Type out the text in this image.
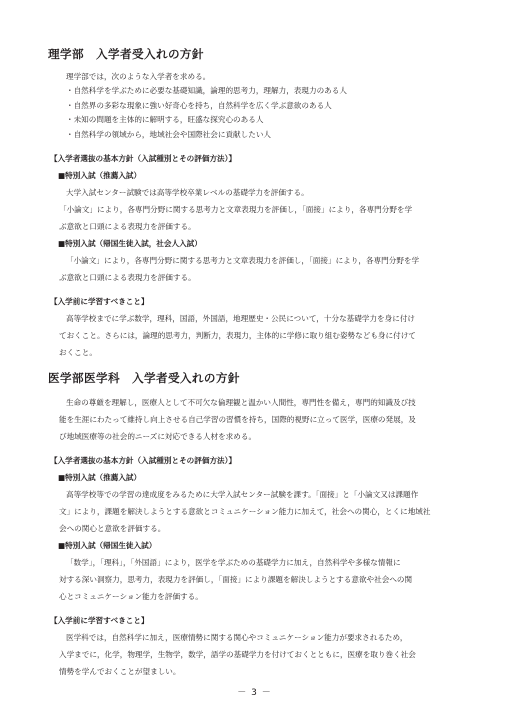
理学部　入学者受入れの方針

理学部では，次のような入学者を求める。

・自然科学を学ぶために必要な基礎知識，論理的思考力，理解力，表現力のある人
・自然界の多彩な現象に強い好奇心を持ち，自然科学を広く学ぶ意欲のある人
・未知の問題を主体的に解明する，旺盛な探究心のある人
・自然科学の領域から，地域社会や国際社会に貢献したい人

【入学者選抜の基本方針（入試種別とその評価方法）】

■特別入試（推薦入試）

大学入試センター試験では高等学校卒業レベルの基礎学力を評価する。

「小論文」により，各専門分野に関する思考力と文章表現力を評価し，「面接」により，各専門分野を学

ぶ意欲と口頭による表現力を評価する。

■特別入試（帰国生徒入試，社会人入試）

「小論文」により，各専門分野に関する思考力と文章表現力を評価し，「面接」により，各専門分野を学

ぶ意欲と口頭による表現力を評価する。

【入学前に学習すべきこと】

高等学校までに学ぶ数学，理科，国語，外国語，地理歴史・公民について，十分な基礎学力を身に付け

ておくこと。さらには，論理的思考力，判断力，表現力，主体的に学修に取り組む姿勢なども身に付けて

おくこと。

医学部医学科　入学者受入れの方針

生命の尊厳を理解し，医療人として不可欠な倫理観と温かい人間性，専門性を備え，専門的知識及び技

能を生涯にわたって維持し向上させる自己学習の習慣を持ち，国際的視野に立って医学，医療の発展，及

び地域医療等の社会的ニーズに対応できる人材を求める。

【入学者選抜の基本方針（入試種別とその評価方法）】

■特別入試（推薦入試）

高等学校等での学習の達成度をみるために大学入試センター試験を課す。「面接」と「小論文又は課題作

文」により，課題を解決しようとする意欲とコミュニケーション能力に加えて，社会への関心，とくに地域社

会への関心と意欲を評価する。

■特別入試（帰国生徒入試）

「数学」，「理科」，「外国語」により，医学を学ぶための基礎学力に加え，自然科学や多様な情報に

対する深い洞察力，思考力，表現力を評価し，「面接」により課題を解決しようとする意欲や社会への関

心とコミュニケーション能力を評価する。

【入学前に学習すべきこと】

医学科では，自然科学に加え，医療情勢に関する関心やコミュニケーション能力が要求されるため，

入学までに，化学，物理学，生物学，数学，語学の基礎学力を付けておくとともに，医療を取り巻く社会

情勢を学んでおくことが望ましい。

－ 3 －
